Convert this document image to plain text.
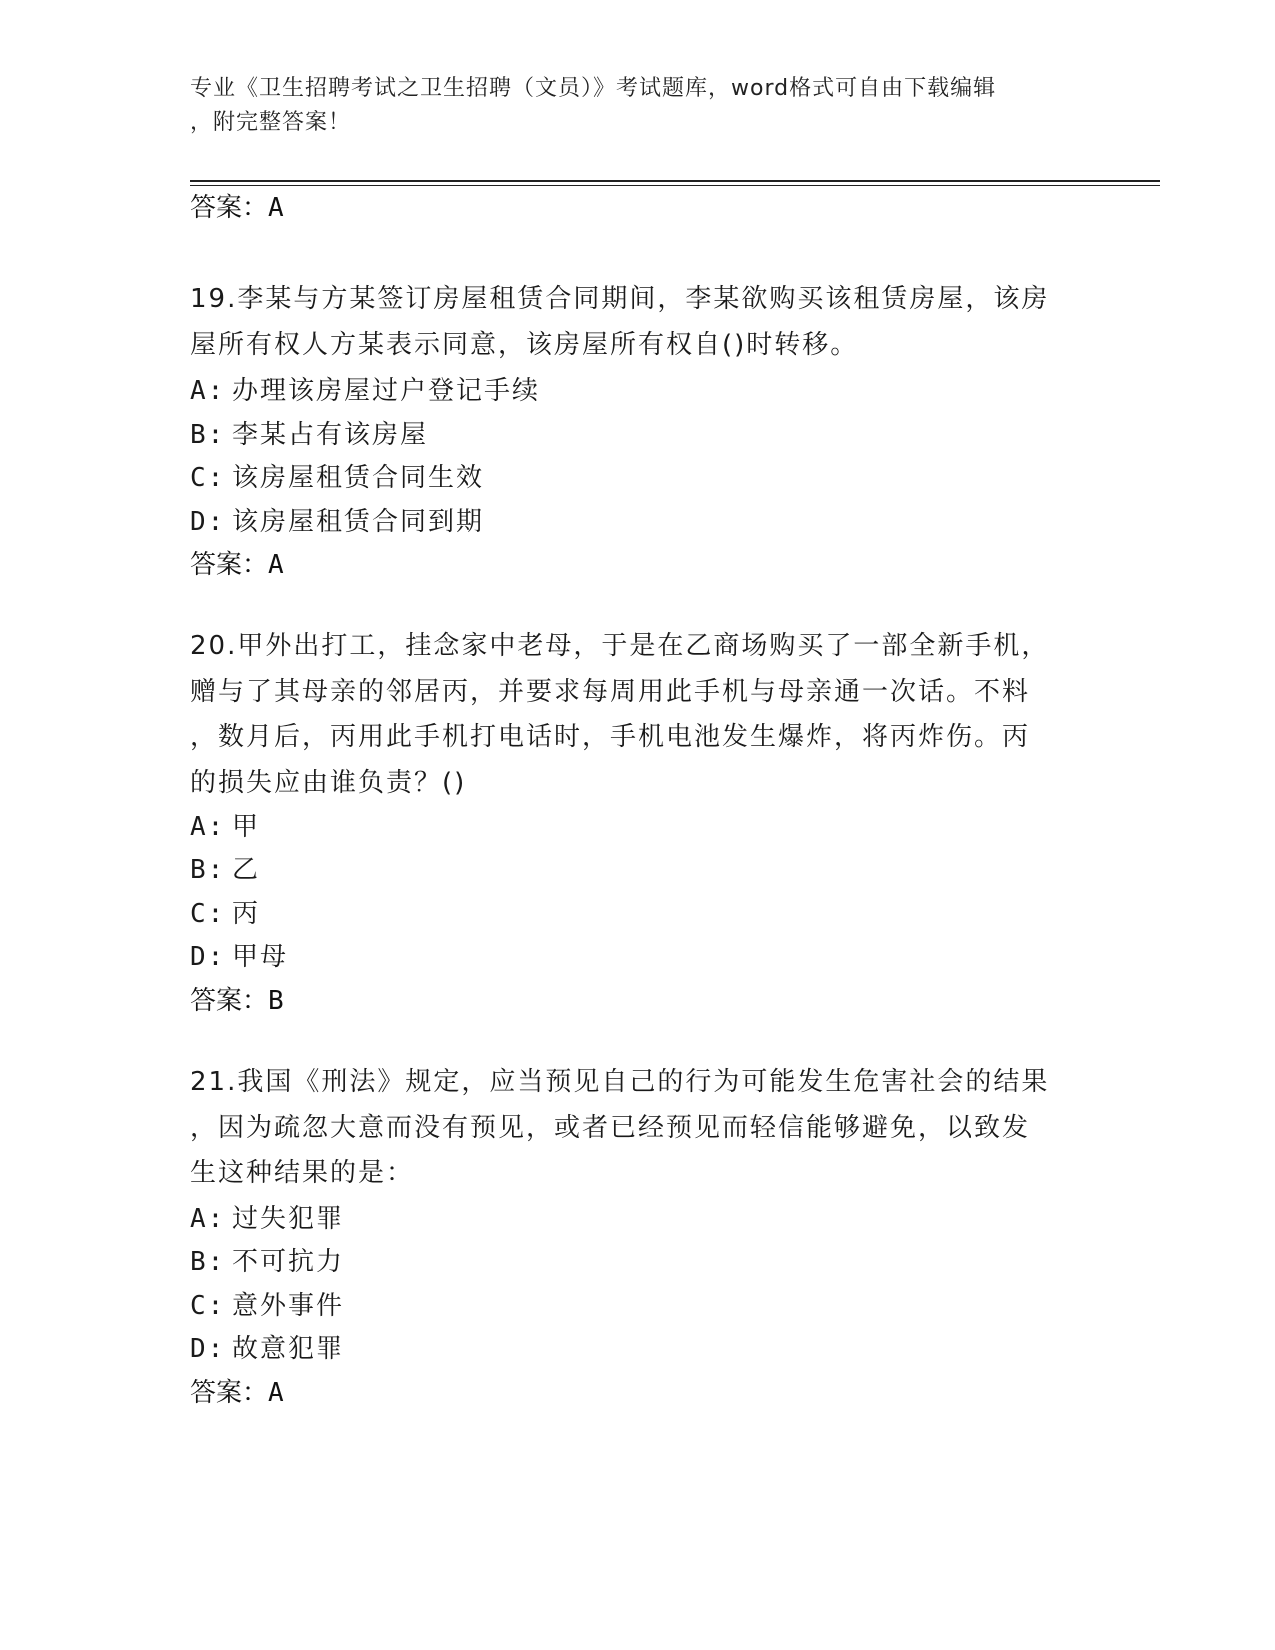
专业《卫生招聘考试之卫生招聘（文员）》考试题库，word格式可自由下载编辑
，附完整答案！
答案：A
19.李某与方某签订房屋租赁合同期间，李某欲购买该租赁房屋，该房
屋所有权人方某表示同意，该房屋所有权自()时转移。
A: 办理该房屋过户登记手续
B: 李某占有该房屋
C: 该房屋租赁合同生效
D: 该房屋租赁合同到期
答案：A
20.甲外出打工，挂念家中老母，于是在乙商场购买了一部全新手机，
赠与了其母亲的邻居丙，并要求每周用此手机与母亲通一次话。不料
，数月后，丙用此手机打电话时，手机电池发生爆炸，将丙炸伤。丙
的损失应由谁负责？()
A: 甲
B: 乙
C: 丙
D: 甲母
答案：B
21.我国《刑法》规定，应当预见自己的行为可能发生危害社会的结果
，因为疏忽大意而没有预见，或者已经预见而轻信能够避免，以致发
生这种结果的是：
A: 过失犯罪
B: 不可抗力
C: 意外事件
D: 故意犯罪
答案：A
